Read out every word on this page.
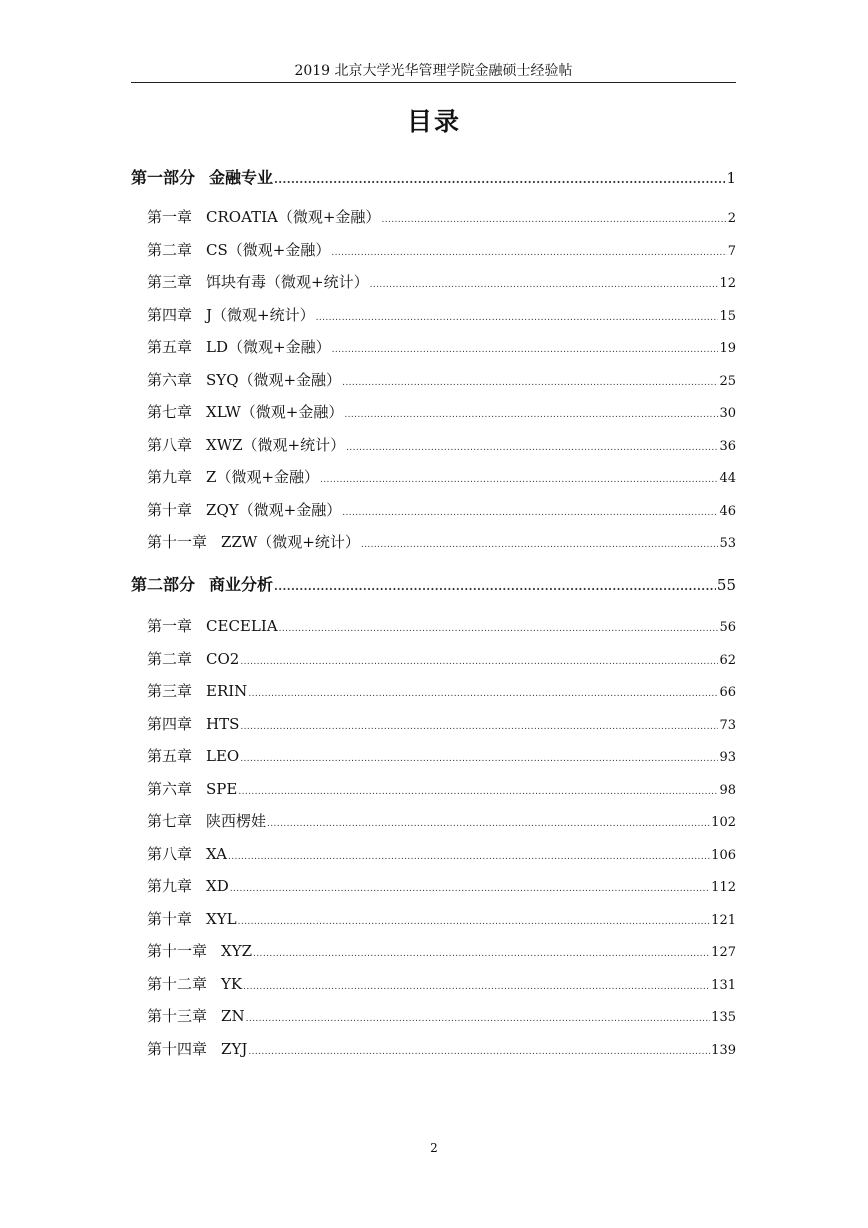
2019 北京大学光华管理学院金融硕士经验帖
目录
第一部分 金融专业 .....	1
第一章 CROATIA（微观+金融） .....	2
第二章 CS（微观+金融） .....	7
第三章 饵块有毒（微观+统计） .....	12
第四章 J（微观+统计） .....	15
第五章 LD（微观+金融） .....	19
第六章 SYQ（微观+金融） .....	25
第七章 XLW（微观+金融） .....	30
第八章 XWZ（微观+统计） .....	36
第九章 Z（微观+金融） .....	44
第十章 ZQY（微观+金融） .....	46
第十一章 ZZW（微观+统计） .....	53
第二部分 商业分析 .....	55
第一章 CECELIA .....	56
第二章 CO2 .....	62
第三章 ERIN .....	66
第四章 HTS .....	73
第五章 LEO .....	93
第六章 SPE .....	98
第七章 陕西楞娃 .....	102
第八章 XA .....	106
第九章 XD .....	112
第十章 XYL .....	121
第十一章 XYZ .....	127
第十二章 YK .....	131
第十三章 ZN .....	135
第十四章 ZYJ .....	139
2
